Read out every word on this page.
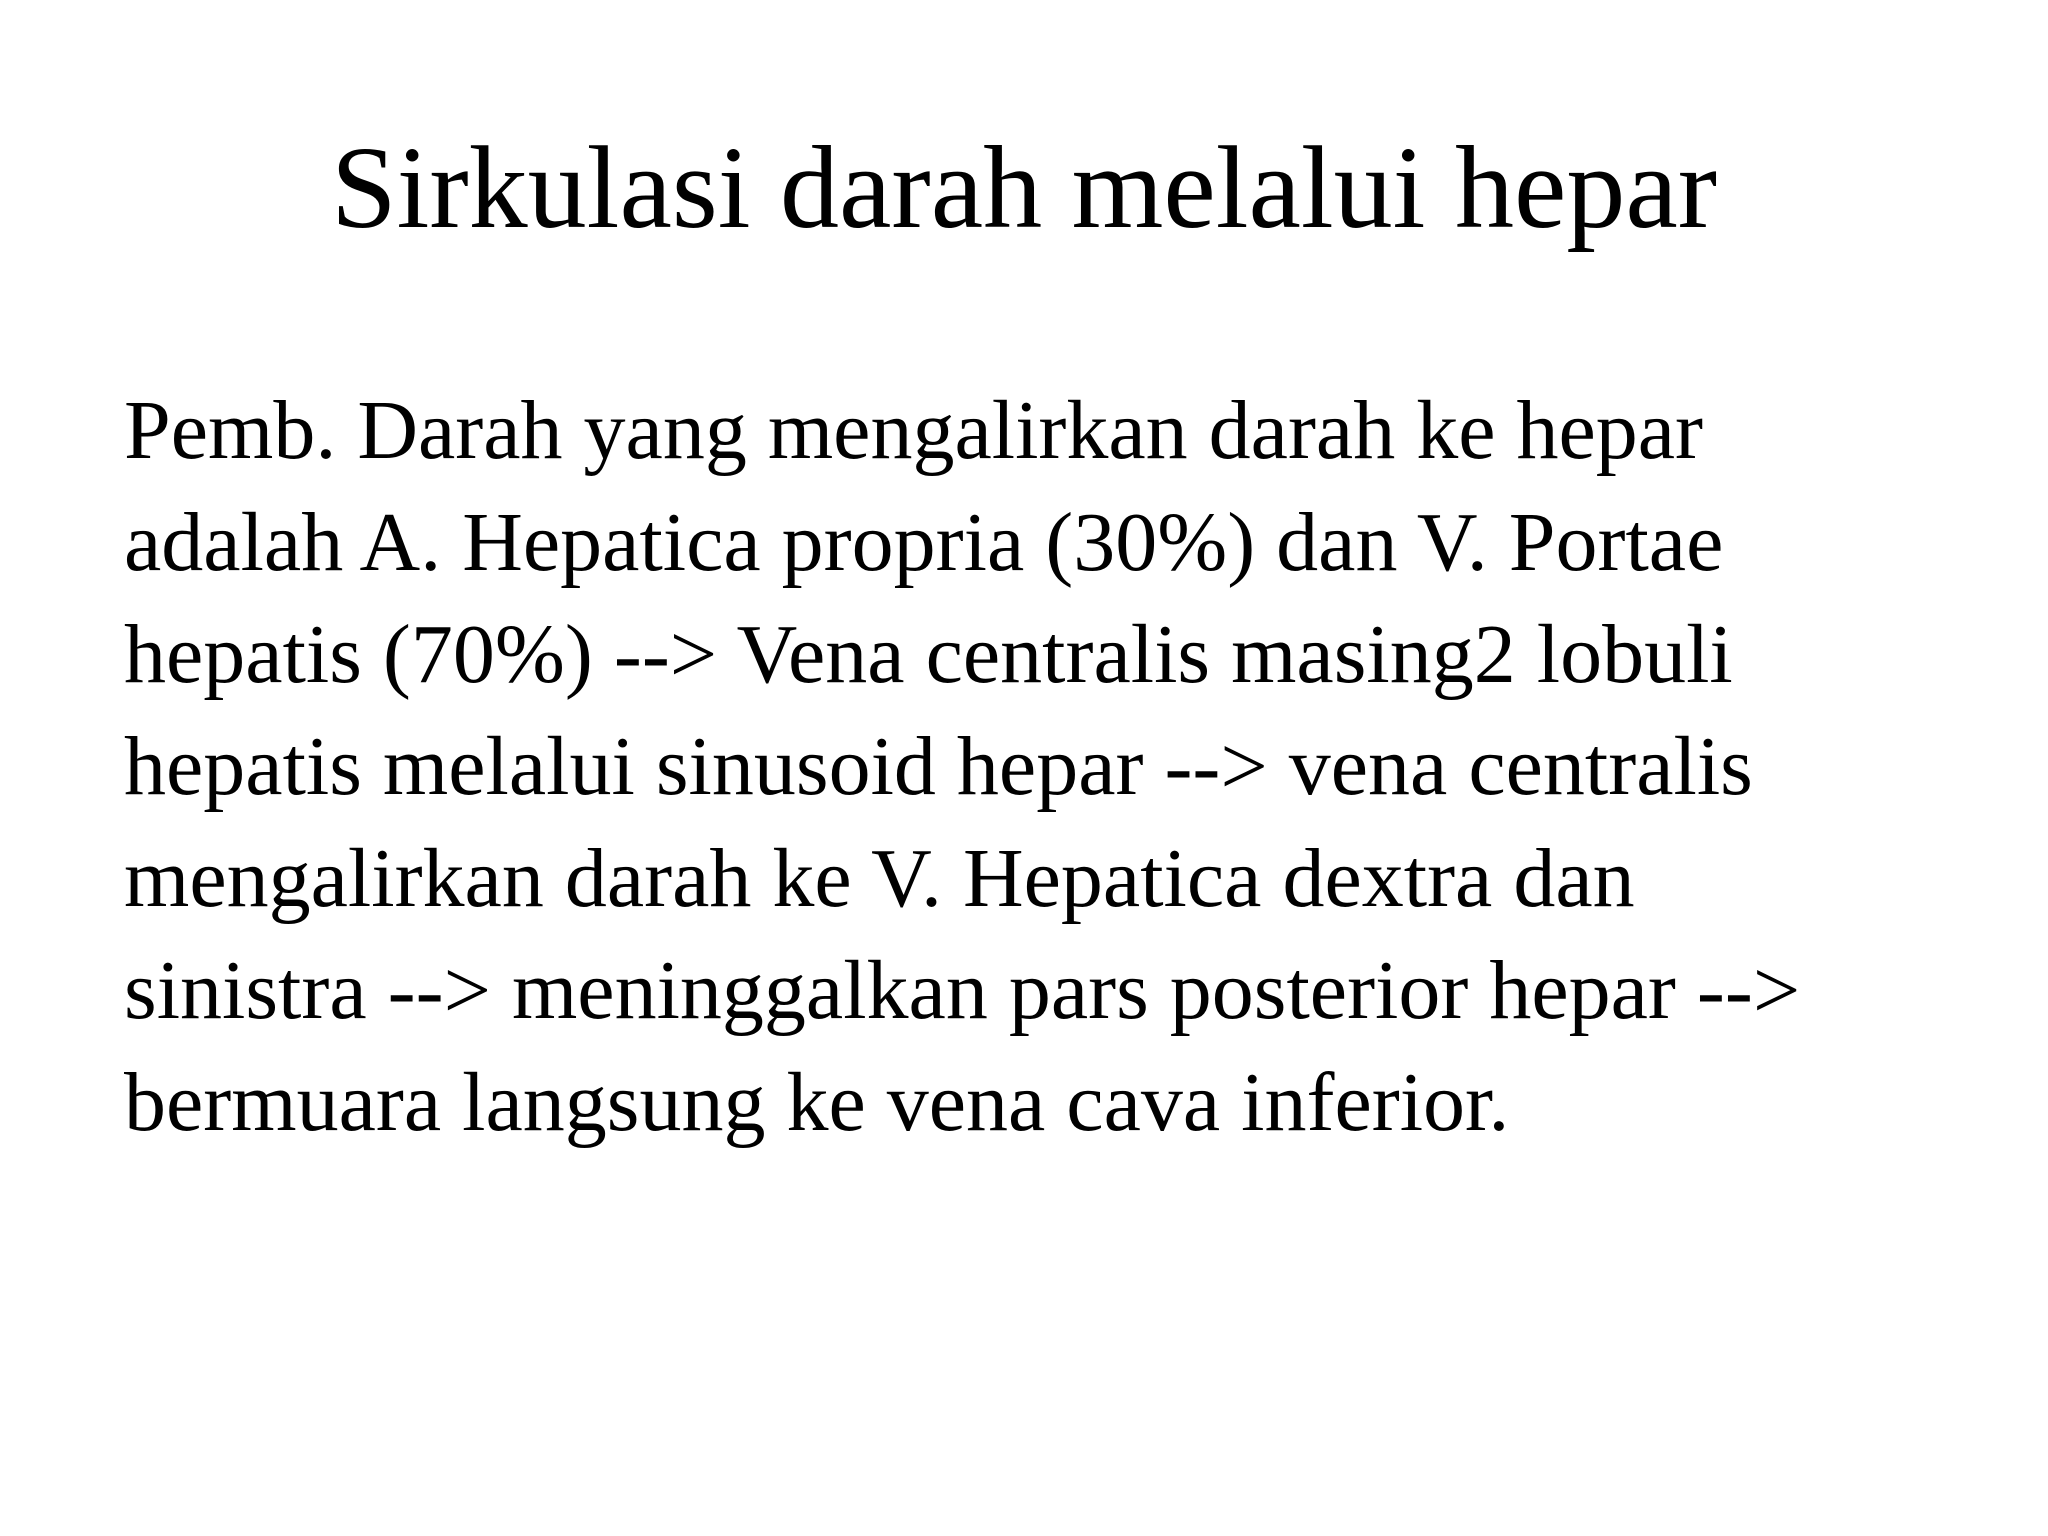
Sirkulasi darah melalui hepar
Pemb. Darah yang mengalirkan darah ke hepar
adalah A. Hepatica propria (30%) dan V. Portae
hepatis (70%) --> Vena centralis masing2 lobuli
hepatis melalui sinusoid hepar --> vena centralis
mengalirkan darah ke V. Hepatica dextra dan
sinistra --> meninggalkan pars posterior hepar -->
bermuara langsung ke vena cava inferior.
